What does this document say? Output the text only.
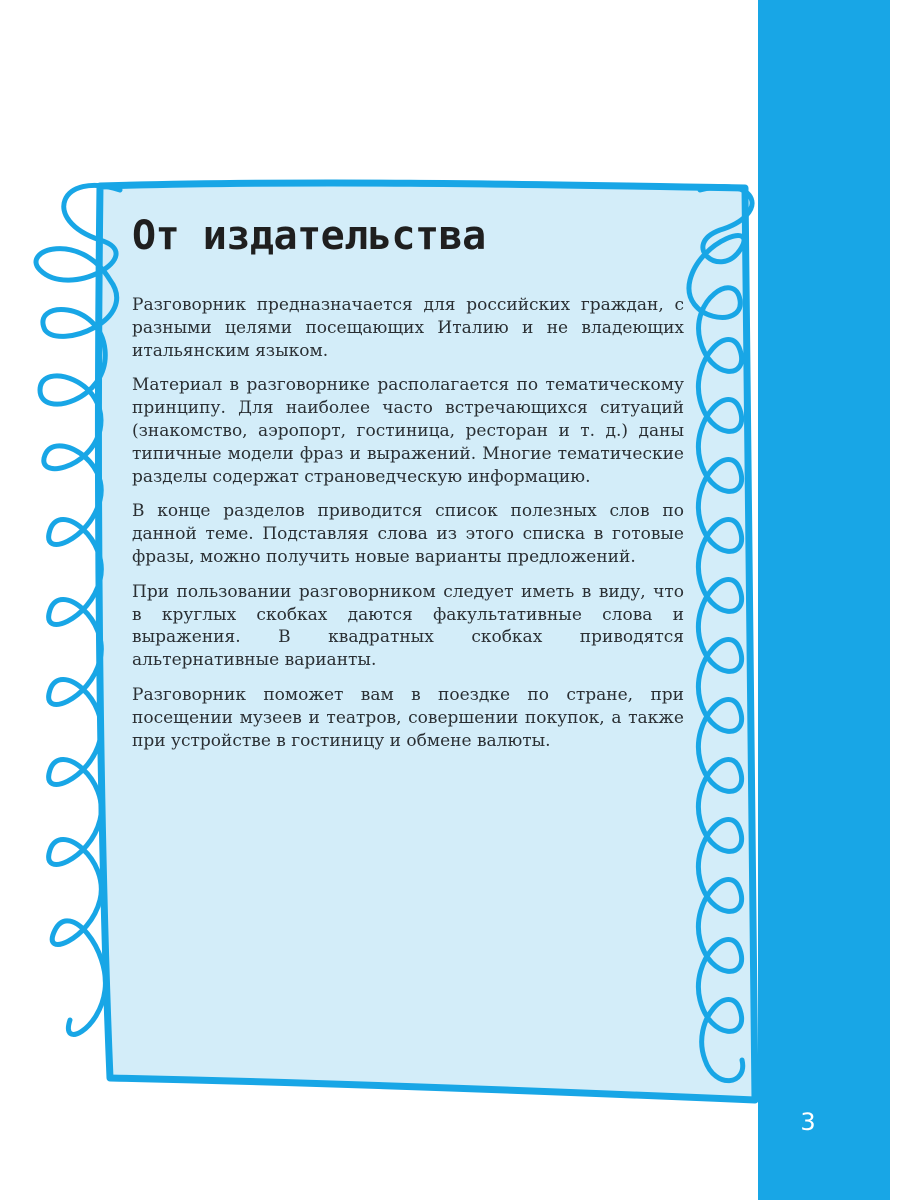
3
От издательства

Разговорник предназначается для российских граждан, с разными целями посещающих Италию и не владеющих итальянским языком.

Материал в разговорнике располагается по тематическому принципу. Для наиболее часто встречающихся ситуаций (знакомство, аэропорт, гостиница, ресторан и т. д.) даны типичные модели фраз и выражений. Многие тематические разделы содержат страноведческую информацию.

В конце разделов приводится список полезных слов по данной теме. Подставляя слова из этого списка в готовые фразы, можно получить новые варианты предложений.

При пользовании разговорником следует иметь в виду, что в круглых скобках даются факультативные слова и выражения. В квадратных скобках приводятся альтернативные варианты.

Разговорник поможет вам в поездке по стране, при посещении музеев и театров, совершении покупок, а также при устройстве в гостиницу и обмене валюты.
